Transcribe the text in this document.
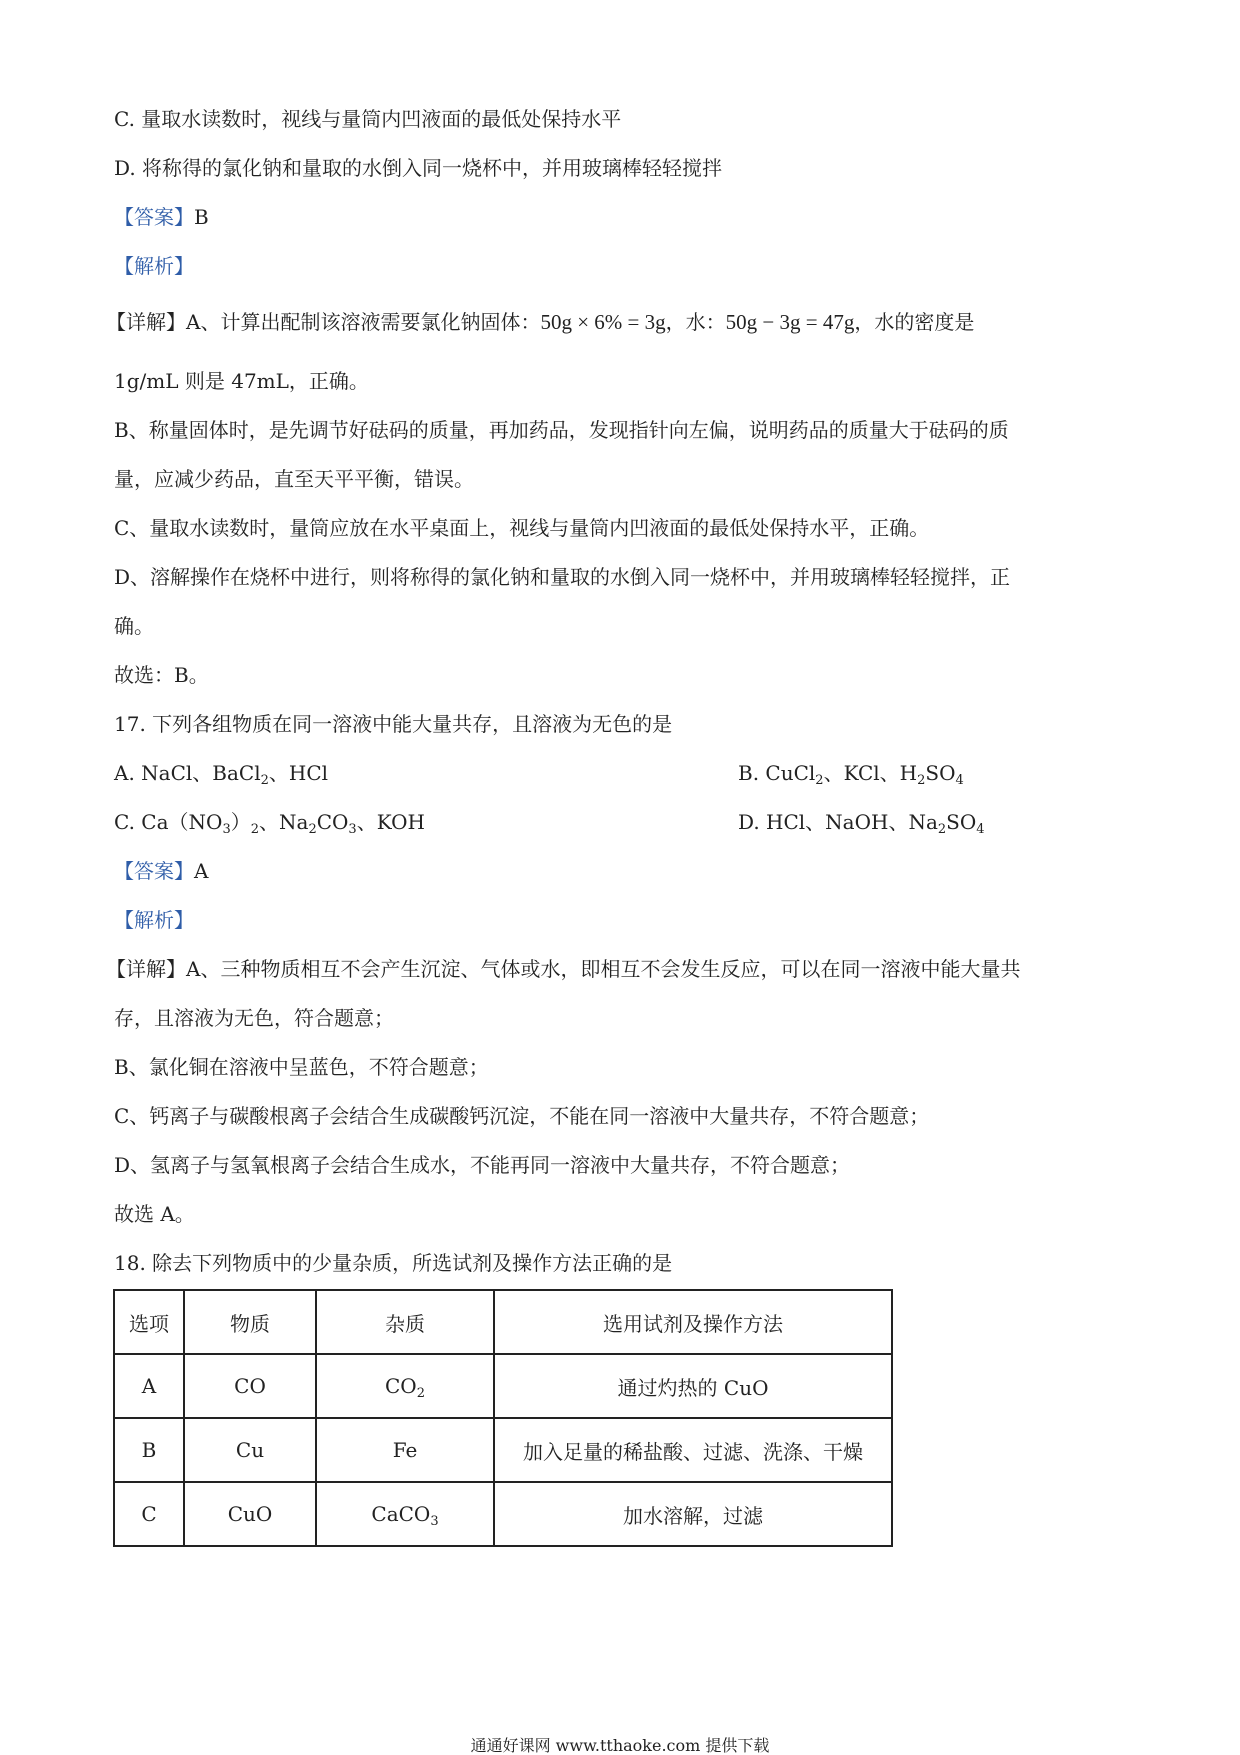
C. 量取水读数时，视线与量筒内凹液面的最低处保持水平
D. 将称得的氯化钠和量取的水倒入同一烧杯中，并用玻璃棒轻轻搅拌
【答案】B
【解析】
【详解】A、计算出配制该溶液需要氯化钠固体：50g × 6% = 3g，水：50g − 3g = 47g，水的密度是
1g/mL 则是 47mL，正确。
B、称量固体时，是先调节好砝码的质量，再加药品，发现指针向左偏，说明药品的质量大于砝码的质
量，应减少药品，直至天平平衡，错误。
C、量取水读数时，量筒应放在水平桌面上，视线与量筒内凹液面的最低处保持水平，正确。
D、溶解操作在烧杯中进行，则将称得的氯化钠和量取的水倒入同一烧杯中，并用玻璃棒轻轻搅拌，正
确。
故选：B。
17. 下列各组物质在同一溶液中能大量共存，且溶液为无色的是
A. NaCl、BaCl$_2$、HCl	B. CuCl$_2$、KCl、$H_2SO_4$
C. $Ca(NO_3)_2$、$Na_2CO_3$、KOH	D. HCl、NaOH、$Na_2SO_4$
【答案】A
【解析】
【详解】A、三种物质相互不会产生沉淀、气体或水，即相互不会发生反应，可以在同一溶液中能大量共
存，且溶液为无色，符合题意；
B、氯化铜在溶液中呈蓝色，不符合题意；
C、钙离子与碳酸根离子会结合生成碳酸钙沉淀，不能在同一溶液中大量共存，不符合题意；
D、氢离子与氢氧根离子会结合生成水，不能再同一溶液中大量共存，不符合题意；
故选 A。
18. 除去下列物质中的少量杂质，所选试剂及操作方法正确的是
选项	物质	杂质	选用试剂及操作方法
A	CO	$CO_2$	通过灼热的 CuO
B	Cu	Fe	加入足量的稀盐酸、过滤、洗涤、干燥
C	CuO	CaCO$_3$	加水溶解，过滤
通通好课网 www.tthaoke.com 提供下载
